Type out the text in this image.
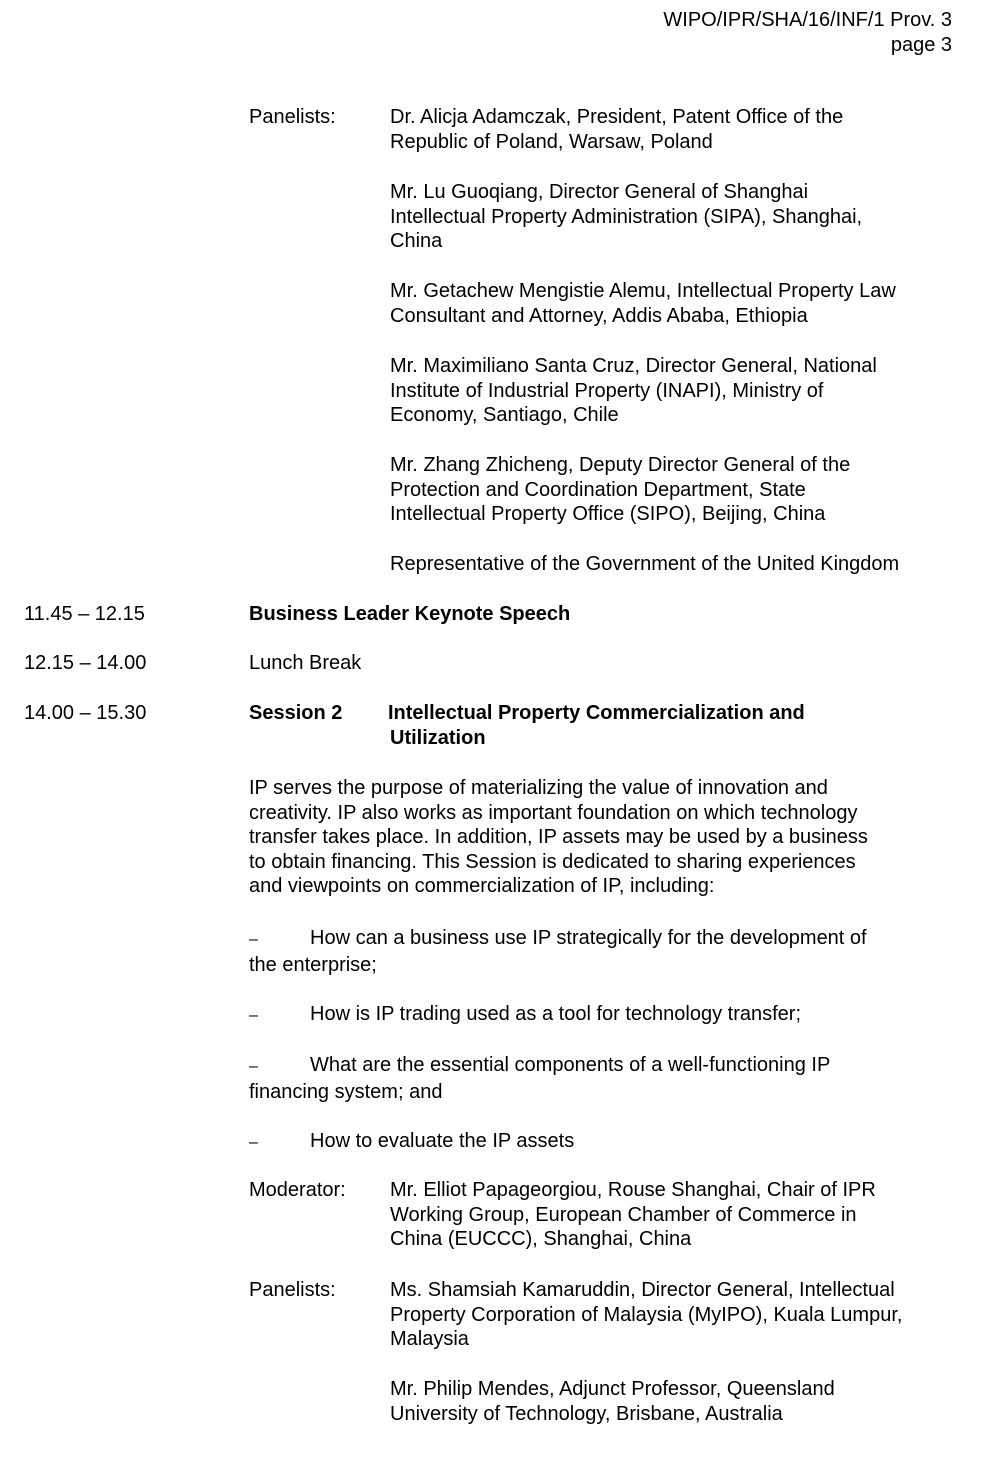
WIPO/IPR/SHA/16/INF/1 Prov. 3
page 3
Panelists:	Dr. Alicja Adamczak, President, Patent Office of the
Republic of Poland, Warsaw, Poland
Mr. Lu Guoqiang, Director General of Shanghai
Intellectual Property Administration (SIPA), Shanghai,
China
Mr. Getachew Mengistie Alemu, Intellectual Property Law
Consultant and Attorney, Addis Ababa, Ethiopia
Mr. Maximiliano Santa Cruz, Director General, National
Institute of Industrial Property (INAPI), Ministry of
Economy, Santiago, Chile
Mr. Zhang Zhicheng, Deputy Director General of the
Protection and Coordination Department, State
Intellectual Property Office (SIPO), Beijing, China
Representative of the Government of the United Kingdom
11.45 – 12.15	Business Leader Keynote Speech
12.15 – 14.00	Lunch Break
14.00 – 15.30	Session 2 Intellectual Property Commercialization and
Utilization
IP serves the purpose of materializing the value of innovation and
creativity. IP also works as important foundation on which technology
transfer takes place. In addition, IP assets may be used by a business
to obtain financing. This Session is dedicated to sharing experiences
and viewpoints on commercialization of IP, including:
–	How can a business use IP strategically for the development of
the enterprise;
–	How is IP trading used as a tool for technology transfer;
–	What are the essential components of a well-functioning IP
financing system; and
–	How to evaluate the IP assets
Moderator: Mr. Elliot Papageorgiou, Rouse Shanghai, Chair of IPR
Working Group, European Chamber of Commerce in
China (EUCCC), Shanghai, China
Panelists:	Ms. Shamsiah Kamaruddin, Director General, Intellectual
Property Corporation of Malaysia (MyIPO), Kuala Lumpur,
Malaysia
Mr. Philip Mendes, Adjunct Professor, Queensland
University of Technology, Brisbane, Australia
